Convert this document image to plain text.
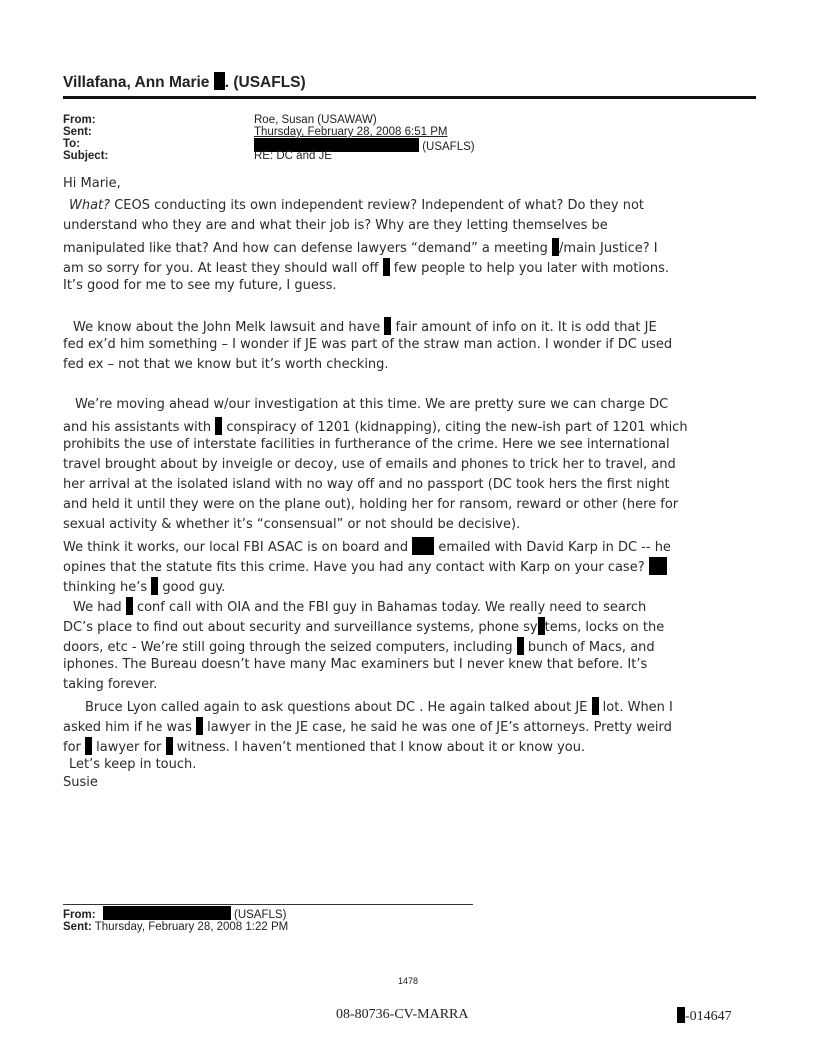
Villafana, Ann Marie . (USAFLS)
From:	Roe, Susan (USAWAW)
Sent:	Thursday, February 28, 2008 6:51 PM
To:	(USAFLS)
Subject:	RE: DC and JE
Hi Marie,
What? CEOS conducting its own independent review? Independent of what? Do they not
understand who they are and what their job is? Why are they letting themselves be
manipulated like that? And how can defense lawyers “demand” a meeting /main Justice? I
am so sorry for you. At least they should wall off  few people to help you later with motions.
It’s good for me to see my future, I guess.
We know about the John Melk lawsuit and have  fair amount of info on it. It is odd that JE
fed ex’d him something – I wonder if JE was part of the straw man action. I wonder if DC used
fed ex – not that we know but it’s worth checking.
We’re moving ahead w/our investigation at this time. We are pretty sure we can charge DC
and his assistants with  conspiracy of 1201 (kidnapping), citing the new-ish part of 1201 which
prohibits the use of interstate facilities in furtherance of the crime. Here we see international
travel brought about by inveigle or decoy, use of emails and phones to trick her to travel, and
her arrival at the isolated island with no way off and no passport (DC took hers the first night
and held it until they were on the plane out), holding her for ransom, reward or other (here for
sexual activity & whether it’s “consensual” or not should be decisive).
We think it works, our local FBI ASAC is on board and  emailed with David Karp in DC -- he
opines that the statute fits this crime. Have you had any contact with Karp on your case?
thinking he’s  good guy.
We had  conf call with OIA and the FBI guy in Bahamas today. We really need to search
DC’s place to find out about security and surveillance systems, phone sy tems, locks on the
doors, etc - We’re still going through the seized computers, including  bunch of Macs, and
iphones. The Bureau doesn’t have many Mac examiners but I never knew that before. It’s
taking forever.
Bruce Lyon called again to ask questions about DC . He again talked about JE  lot. When I
asked him if he was  lawyer in the JE case, he said he was one of JE’s attorneys. Pretty weird
for  lawyer for  witness. I haven’t mentioned that I know about it or know you.
Let’s keep in touch.
Susie
From:	(USAFLS)
Sent: Thursday, February 28, 2008 1:22 PM
1478
08-80736-CV-MARRA	-014647
